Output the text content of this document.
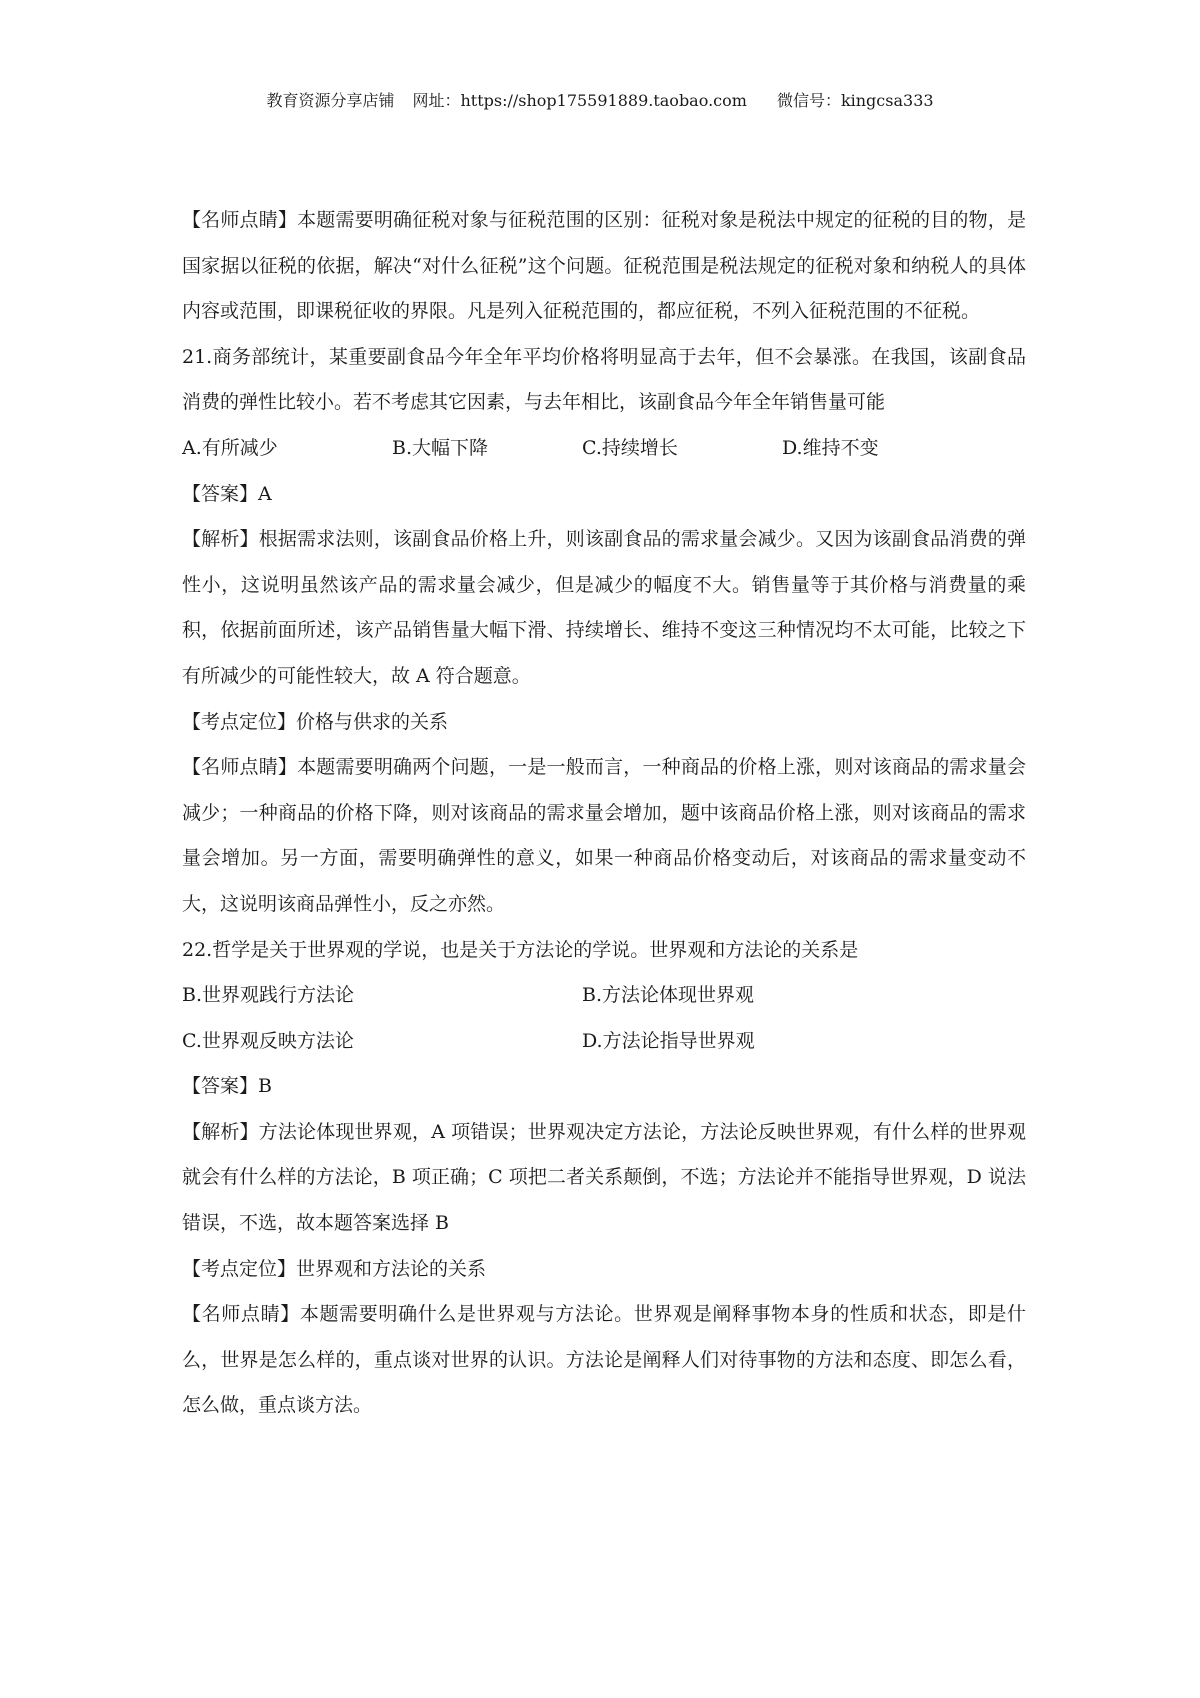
教育资源分享店铺 网址：https://shop175591889.taobao.com 微信号：kingcsa333

【名师点睛】本题需要明确征税对象与征税范围的区别：征税对象是税法中规定的征税的目的物，是国家据以征税的依据，解决“对什么征税”这个问题。征税范围是税法规定的征税对象和纳税人的具体内容或范围，即课税征收的界限。凡是列入征税范围的，都应征税，不列入征税范围的不征税。

21.商务部统计，某重要副食品今年全年平均价格将明显高于去年，但不会暴涨。在我国，该副食品消费的弹性比较小。若不考虑其它因素，与去年相比，该副食品今年全年销售量可能

A.有所减少	B.大幅下降	C.持续增长	D.维持不变

【答案】A

【解析】根据需求法则，该副食品价格上升，则该副食品的需求量会减少。又因为该副食品消费的弹性小，这说明虽然该产品的需求量会减少，但是减少的幅度不大。销售量等于其价格与消费量的乘积，依据前面所述，该产品销售量大幅下滑、持续增长、维持不变这三种情况均不太可能，比较之下有所减少的可能性较大，故 A 符合题意。

【考点定位】价格与供求的关系

【名师点睛】本题需要明确两个问题，一是一般而言，一种商品的价格上涨，则对该商品的需求量会减少；一种商品的价格下降，则对该商品的需求量会增加，题中该商品价格上涨，则对该商品的需求量会增加。另一方面，需要明确弹性的意义，如果一种商品价格变动后，对该商品的需求量变动不大，这说明该商品弹性小，反之亦然。

22.哲学是关于世界观的学说，也是关于方法论的学说。世界观和方法论的关系是

B.世界观践行方法论	B.方法论体现世界观
C.世界观反映方法论	D.方法论指导世界观

【答案】B

【解析】方法论体现世界观，A 项错误；世界观决定方法论，方法论反映世界观，有什么样的世界观就会有什么样的方法论，B 项正确；C 项把二者关系颠倒，不选；方法论并不能指导世界观，D 说法错误，不选，故本题答案选择 B

【考点定位】世界观和方法论的关系

【名师点睛】本题需要明确什么是世界观与方法论。世界观是阐释事物本身的性质和状态，即是什么，世界是怎么样的，重点谈对世界的认识。方法论是阐释人们对待事物的方法和态度、即怎么看，怎么做，重点谈方法。
